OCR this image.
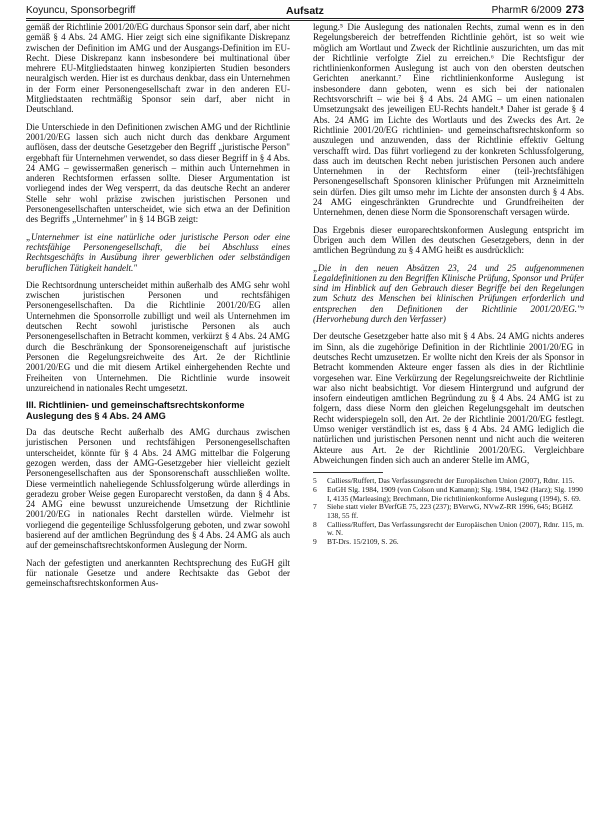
Koyuncu, Sponsorbegriff	Aufsatz	PharmR 6/2009 273

gemäß der Richtlinie 2001/20/EG durchaus Sponsor sein darf, aber nicht gemäß § 4 Abs. 24 AMG. Hier zeigt sich eine signifikante Diskrepanz zwischen der Definition im AMG und der Ausgangs-Definition im EU-Recht. Diese Diskrepanz kann insbesondere bei multinational über mehrere EU-Mitgliedstaaten hinweg konzipierten Studien besonders neuralgisch werden. Hier ist es durchaus denkbar, dass ein Unternehmen in der Form einer Personengesellschaft zwar in den anderen EU-Mitgliedstaaten rechtmäßig Sponsor sein darf, aber nicht in Deutschland.

Die Unterschiede in den Definitionen zwischen AMG und der Richtlinie 2001/20/EG lassen sich auch nicht durch das denkbare Argument auflösen, dass der deutsche Gesetzgeber den Begriff „juristische Person" ergebhaft für Unternehmen verwendet, so dass dieser Begriff in § 4 Abs. 24 AMG – gewissermaßen generisch – mithin auch Unternehmen in anderen Rechtsformen erfassen sollte. Dieser Argumentation ist vorliegend indes der Weg versperrt, da das deutsche Recht an anderer Stelle sehr wohl präzise zwischen juristischen Personen und Personengesellschaften unterscheidet, wie sich etwa an der Definition des Begriffs „Unternehmer" in § 14 BGB zeigt:

„Unternehmer ist eine natürliche oder juristische Person oder eine rechtsfähige Personengesellschaft, die bei Abschluss eines Rechtsgeschäfts in Ausübung ihrer gewerblichen oder selbständigen beruflichen Tätigkeit handelt."

Die Rechtsordnung unterscheidet mithin außerhalb des AMG sehr wohl zwischen juristischen Personen und rechtsfähigen Personengesellschaften. Da die Richtlinie 2001/20/EG allen Unternehmen die Sponsorrolle zubilligt und weil als Unternehmen im deutschen Recht sowohl juristische Personen als auch Personengesellschaften in Betracht kommen, verkürzt § 4 Abs. 24 AMG durch die Beschränkung der Sponsoreneigenschaft auf juristische Personen die Regelungsreichweite des Art. 2e der Richtlinie 2001/20/EG und die mit diesem Artikel einhergehenden Rechte und Freiheiten von Unternehmen. Die Richtlinie wurde insoweit unzureichend in nationales Recht umgesetzt.

III. Richtlinien- und gemeinschaftsrechtskonforme Auslegung des § 4 Abs. 24 AMG

Da das deutsche Recht außerhalb des AMG durchaus zwischen juristischen Personen und rechtsfähigen Personengesellschaften unterscheidet, könnte für § 4 Abs. 24 AMG mittelbar die Folgerung gezogen werden, dass der AMG-Gesetzgeber hier vielleicht gezielt Personengesellschaften aus der Sponsorenschaft ausschließen wollte. Diese vermeintlich naheliegende Schlussfolgerung würde allerdings in geradezu grober Weise gegen Europarecht verstoßen, da dann § 4 Abs. 24 AMG eine bewusst unzureichende Umsetzung der Richtlinie 2001/20/EG in nationales Recht darstellen würde. Vielmehr ist vorliegend die gegenteilige Schlussfolgerung geboten, und zwar sowohl basierend auf der amtlichen Begründung des § 4 Abs. 24 AMG als auch auf der gemeinschaftsrechtskonformen Auslegung der Norm.

Nach der gefestigten und anerkannten Rechtsprechung des EuGH gilt für nationale Gesetze und andere Rechtsakte das Gebot der gemeinschaftsrechtskonformen Aus-

legung.⁵ Die Auslegung des nationalen Rechts, zumal wenn es in den Regelungsbereich der betreffenden Richtlinie gehört, ist so weit wie möglich am Wortlaut und Zweck der Richtlinie auszurichten, um das mit der Richtlinie verfolgte Ziel zu erreichen.⁶ Die Rechtsfigur der richtlinienkonformen Auslegung ist auch von den obersten deutschen Gerichten anerkannt.⁷ Eine richtlinienkonforme Auslegung ist insbesondere dann geboten, wenn es sich bei der nationalen Rechtsvorschrift – wie bei § 4 Abs. 24 AMG – um einen nationalen Umsetzungsakt des jeweiligen EU-Rechts handelt.⁸ Daher ist gerade § 4 Abs. 24 AMG im Lichte des Wortlauts und des Zwecks des Art. 2e Richtlinie 2001/20/EG richtlinien- und gemeinschaftsrechtskonform so auszulegen und anzuwenden, dass der Richtlinie effektiv Geltung verschafft wird. Das führt vorliegend zu der konkreten Schlussfolgerung, dass auch im deutschen Recht neben juristischen Personen auch andere Unternehmen in der Rechtsform einer (teil-)rechtsfähigen Personengesellschaft Sponsoren klinischer Prüfungen mit Arzneimitteln sein dürfen. Dies gilt umso mehr im Lichte der ansonsten durch § 4 Abs. 24 AMG eingeschränkten Grundrechte und Grundfreiheiten der Unternehmen, denen diese Norm die Sponsorenschaft versagen würde.

Das Ergebnis dieser europarechtskonformen Auslegung entspricht im Übrigen auch dem Willen des deutschen Gesetzgebers, denn in der amtlichen Begründung zu § 4 AMG heißt es ausdrücklich:

„Die in den neuen Absätzen 23, 24 und 25 aufgenommenen Legaldefinitionen zu den Begriffen Klinische Prüfung, Sponsor und Prüfer sind im Hinblick auf den Gebrauch dieser Begriffe bei den Regelungen zum Schutz des Menschen bei klinischen Prüfungen erforderlich und entsprechen den Definitionen der Richtlinie 2001/20/EG."⁹ (Hervorhebung durch den Verfasser)

Der deutsche Gesetzgeber hatte also mit § 4 Abs. 24 AMG nichts anderes im Sinn, als die zugehörige Definition in der Richtlinie 2001/20/EG in deutsches Recht umzusetzen. Er wollte nicht den Kreis der als Sponsor in Betracht kommenden Akteure enger fassen als dies in der Richtlinie vorgesehen war. Eine Verkürzung der Regelungsreichweite der Richtlinie war also nicht beabsichtigt. Vor diesem Hintergrund und aufgrund der insofern eindeutigen amtlichen Begründung zu § 4 Abs. 24 AMG ist zu folgern, dass diese Norm den gleichen Regelungsgehalt im deutschen Recht widerspiegeln soll, den Art. 2e der Richtlinie 2001/20/EG festlegt. Umso weniger verständlich ist es, dass § 4 Abs. 24 AMG lediglich die natürlichen und juristischen Personen nennt und nicht auch die weiteren Akteure aus Art. 2e der Richtlinie 2001/20/EG. Vergleichbare Abweichungen finden sich auch an anderer Stelle im AMG,

5	Calliess/Ruffert, Das Verfassungsrecht der Europäischen Union (2007), Rdnr. 115.
6	EuGH Slg. 1984, 1909 (von Colson und Kamann); Slg. 1984, 1942 (Harz); Slg. 1990 I, 4135 (Marleasing); Brechmann, Die richtlinienkonforme Auslegung (1994), S. 69.
7	Siehe statt vieler BVerfGE 75, 223 (237); BVerwG, NVwZ-RR 1996, 645; BGHZ 138, 55 ff.
8	Calliess/Ruffert, Das Verfassungsrecht der Europäischen Union (2007), Rdnr. 115, m. w. N.
9	BT-Drs. 15/2109, S. 26.
